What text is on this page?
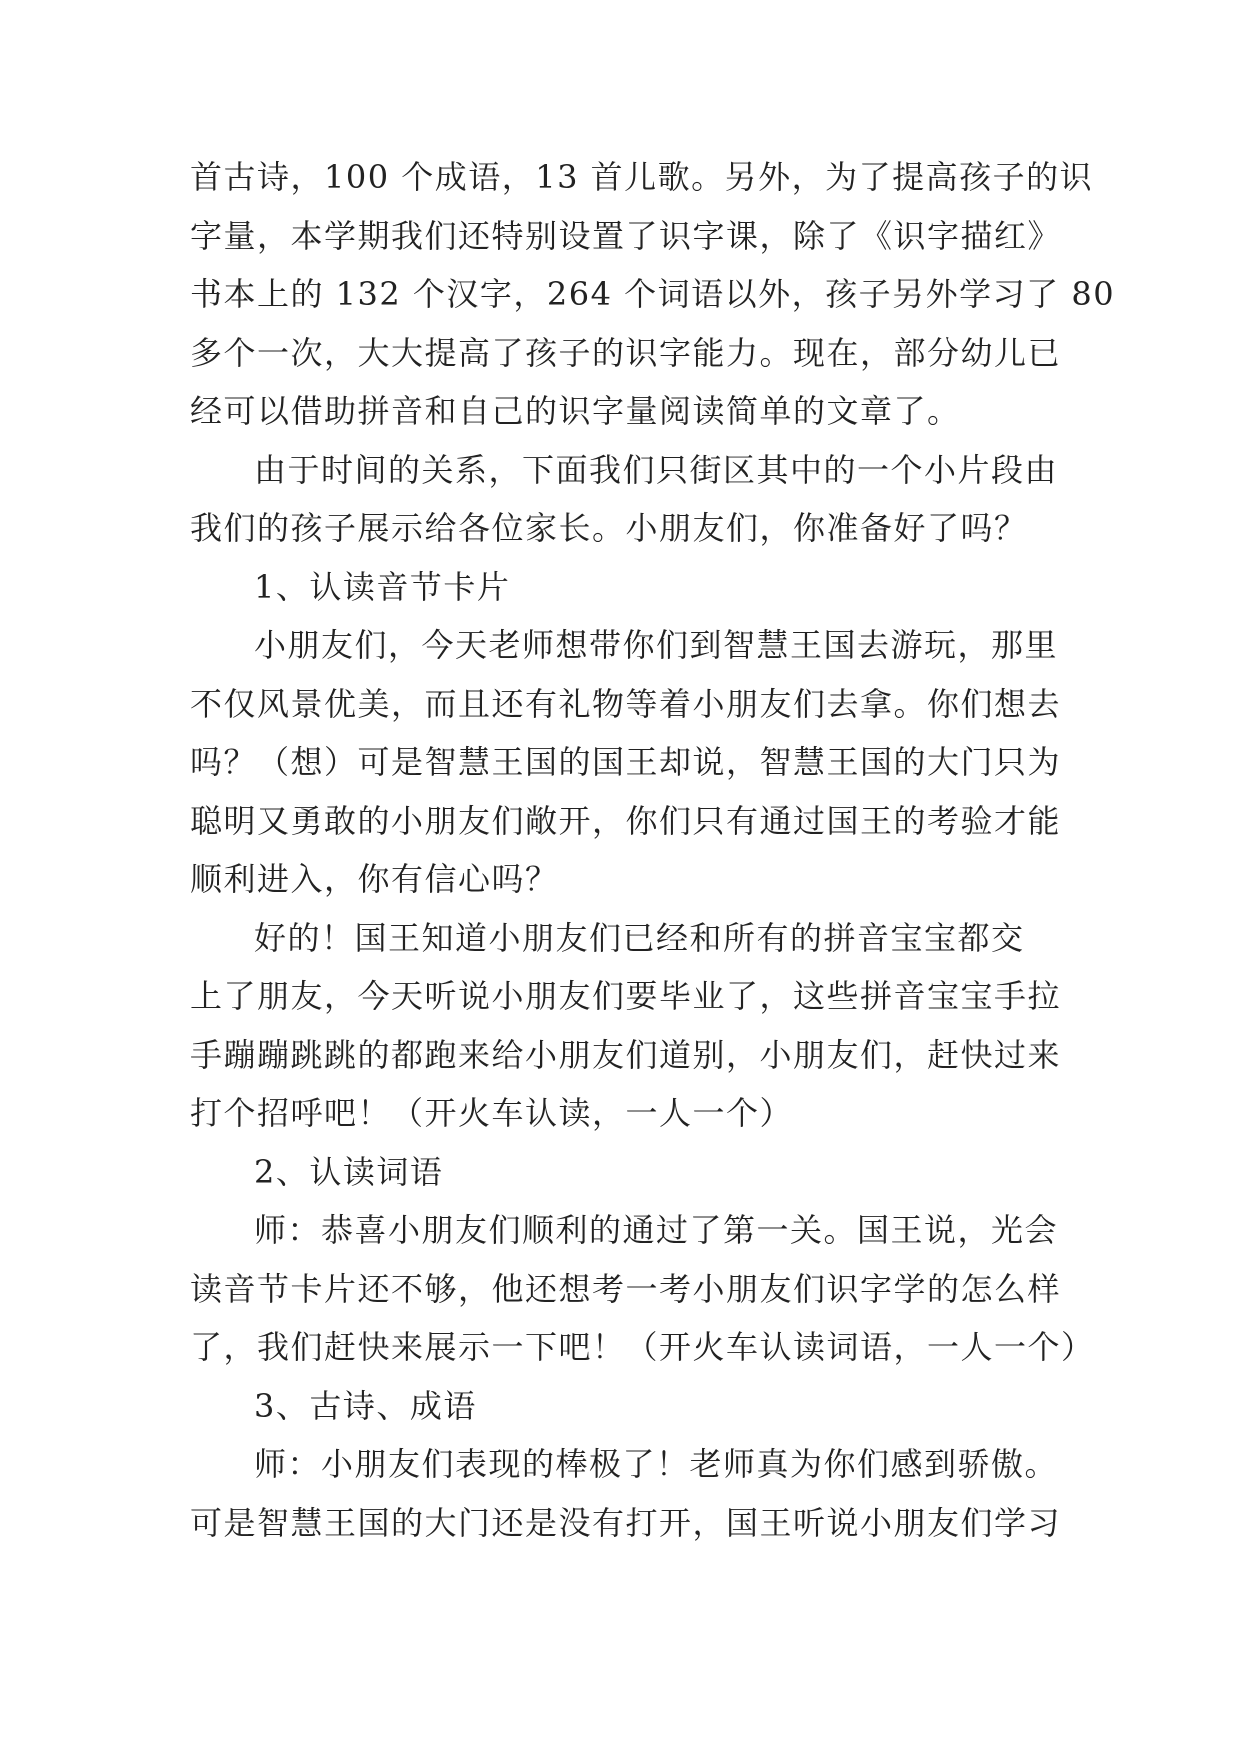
首古诗，100 个成语，13 首儿歌。另外，为了提高孩子的识
字量，本学期我们还特别设置了识字课，除了《识字描红》
书本上的 132 个汉字，264 个词语以外，孩子另外学习了 80
多个一次，大大提高了孩子的识字能力。现在，部分幼儿已
经可以借助拼音和自己的识字量阅读简单的文章了。
由于时间的关系，下面我们只街区其中的一个小片段由
我们的孩子展示给各位家长。小朋友们，你准备好了吗？
1、认读音节卡片
小朋友们，今天老师想带你们到智慧王国去游玩，那里
不仅风景优美，而且还有礼物等着小朋友们去拿。你们想去
吗？（想）可是智慧王国的国王却说，智慧王国的大门只为
聪明又勇敢的小朋友们敞开，你们只有通过国王的考验才能
顺利进入，你有信心吗？
好的！国王知道小朋友们已经和所有的拼音宝宝都交
上了朋友，今天听说小朋友们要毕业了，这些拼音宝宝手拉
手蹦蹦跳跳的都跑来给小朋友们道别，小朋友们，赶快过来
打个招呼吧！（开火车认读，一人一个）
2、认读词语
师：恭喜小朋友们顺利的通过了第一关。国王说，光会
读音节卡片还不够，他还想考一考小朋友们识字学的怎么样
了，我们赶快来展示一下吧！（开火车认读词语，一人一个）
3、古诗、成语
师：小朋友们表现的棒极了！老师真为你们感到骄傲。
可是智慧王国的大门还是没有打开，国王听说小朋友们学习
